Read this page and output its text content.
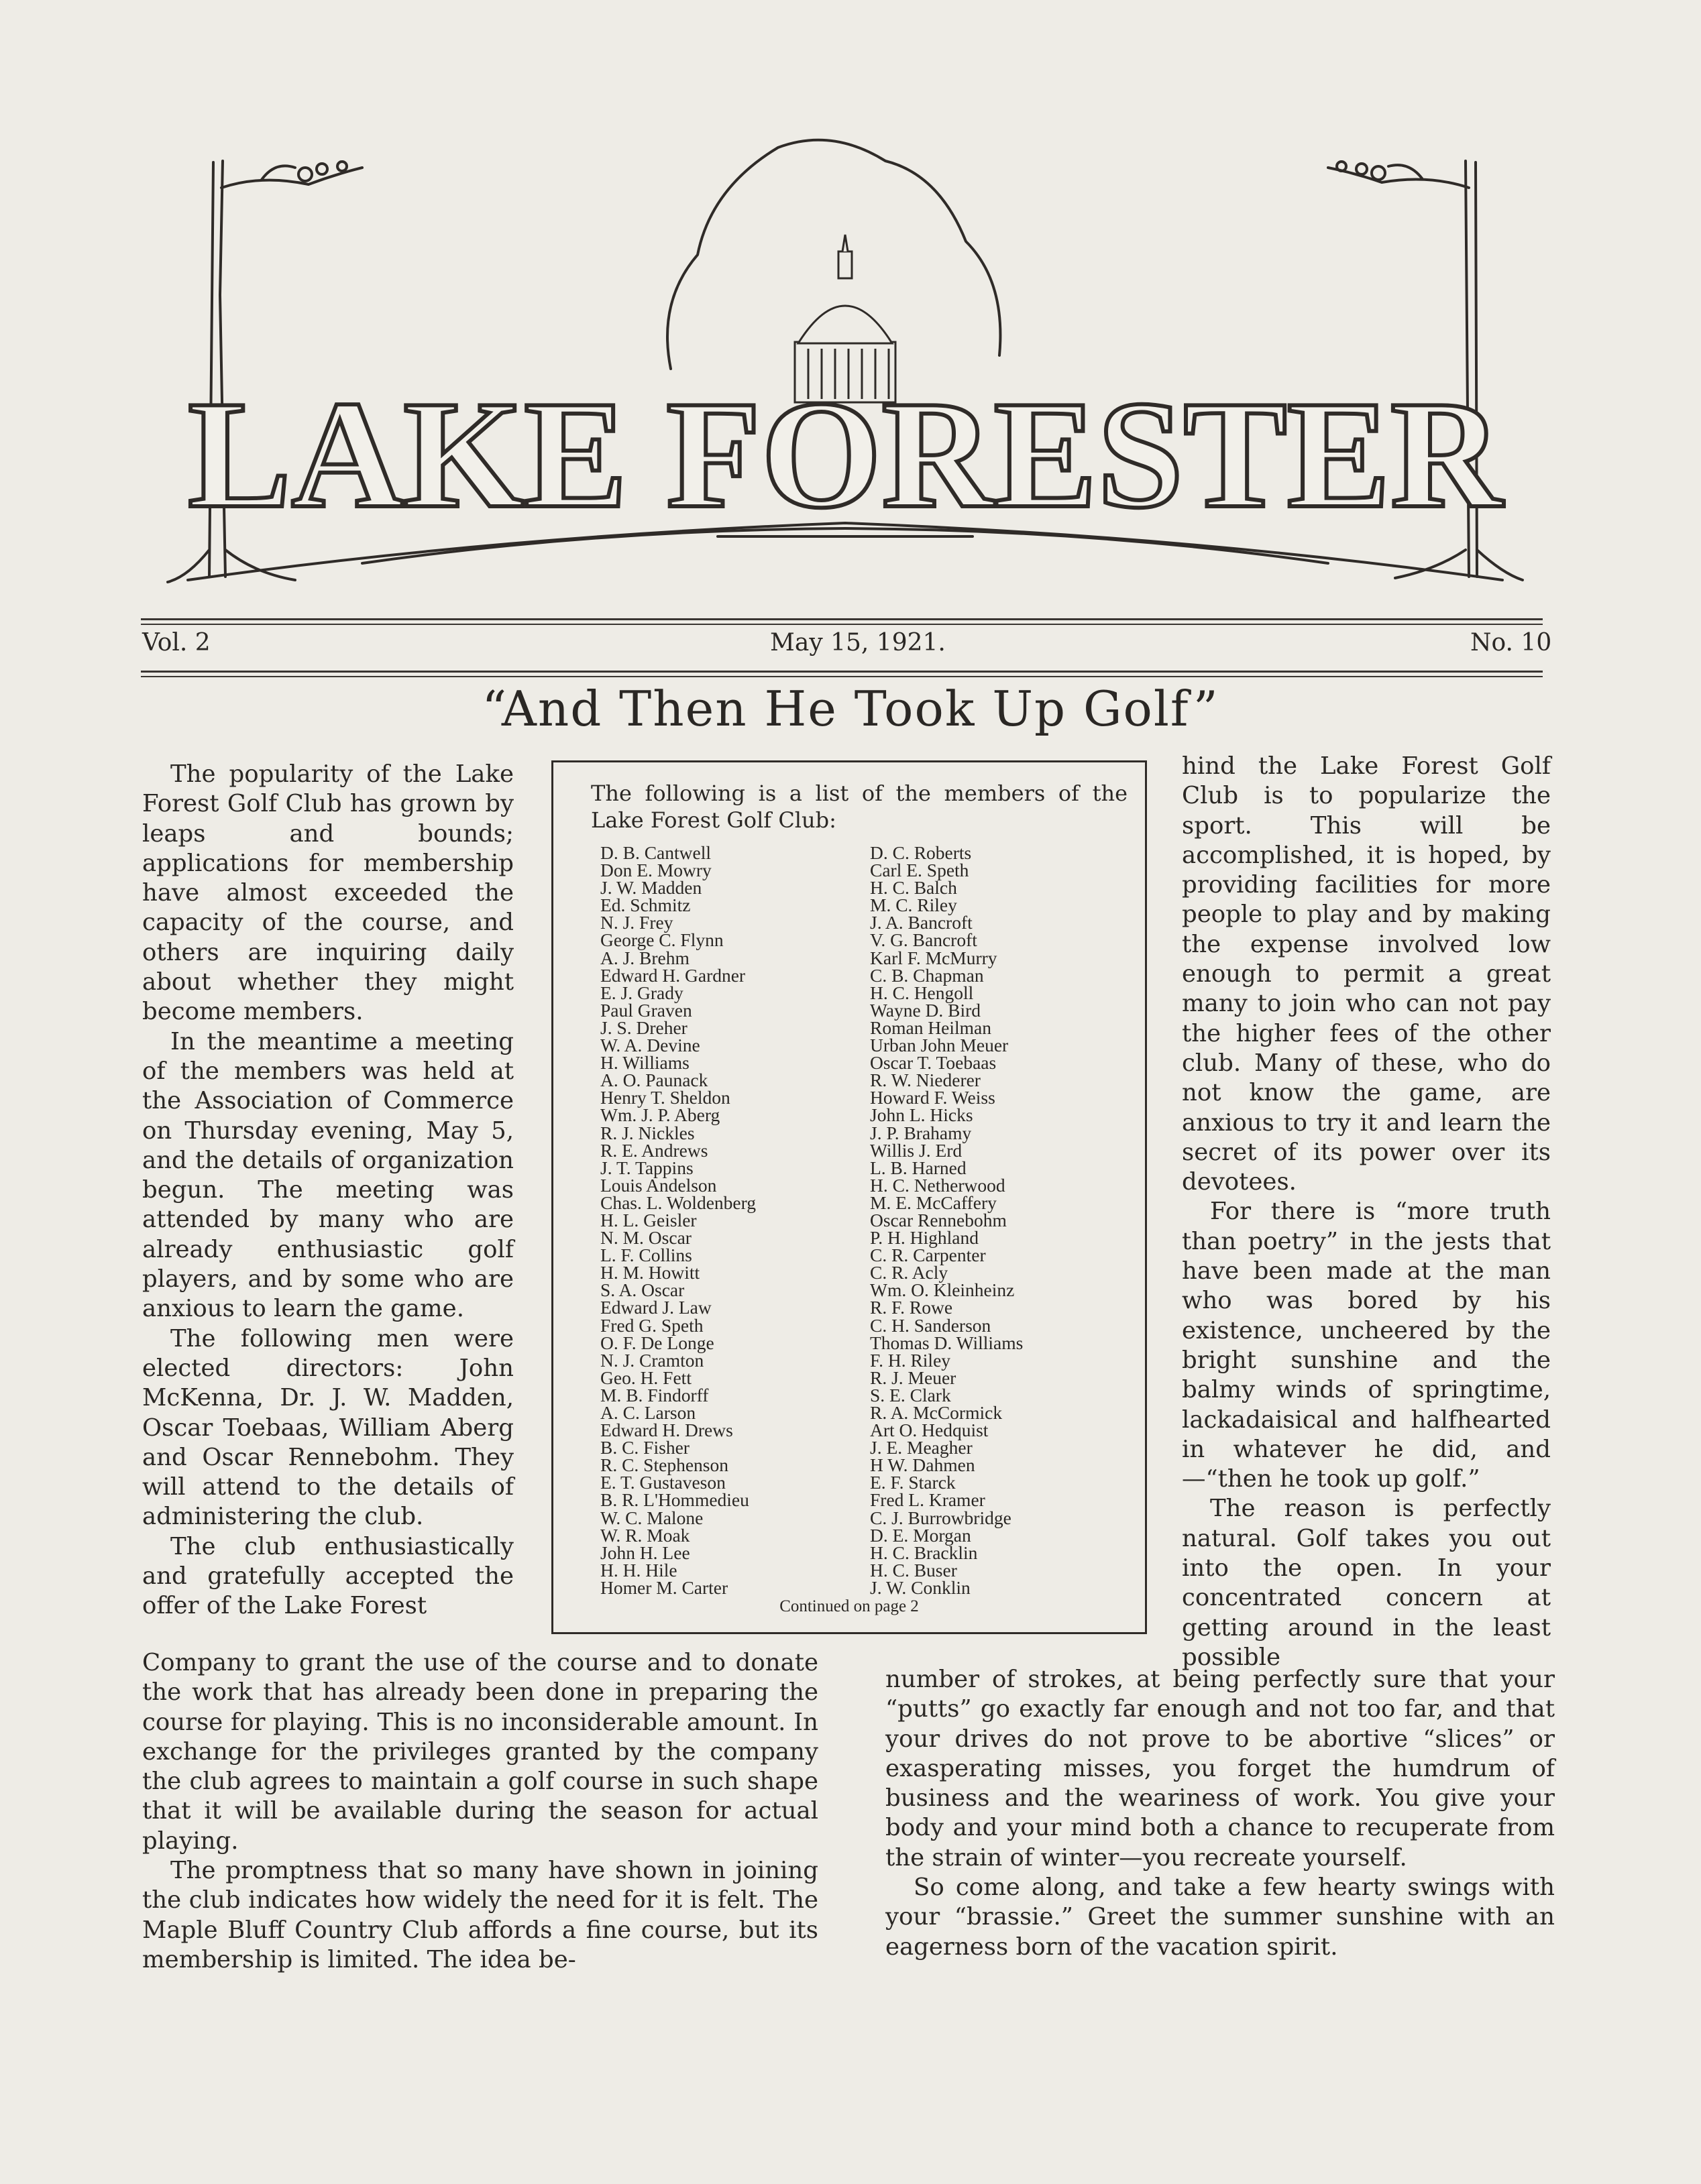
LAKE FORESTER
Vol. 2	May 15, 1921.	No. 10
“And Then He Took Up Golf”

The popularity of the Lake Forest Golf Club has grown by leaps and bounds; applications for membership have almost exceeded the capacity of the course, and others are inquiring daily about whether they might become members.

In the meantime a meeting of the members was held at the Association of Commerce on Thursday evening, May 5, and the details of organization begun. The meeting was attended by many who are already enthusiastic golf players, and by some who are anxious to learn the game.

The following men were elected directors: John McKenna, Dr. J. W. Madden, Oscar Toebaas, William Aberg and Oscar Rennebohm. They will attend to the details of administering the club.

The club enthusiastically and gratefully accepted the offer of the Lake Forest

The following is a list of the members of the Lake Forest Golf Club:
D. B. Cantwell
Don E. Mowry
J. W. Madden
Ed. Schmitz
N. J. Frey
George C. Flynn
A. J. Brehm
Edward H. Gardner
E. J. Grady
Paul Graven
J. S. Dreher
W. A. Devine
H. Williams
A. O. Paunack
Henry T. Sheldon
Wm. J. P. Aberg
R. J. Nickles
R. E. Andrews
J. T. Tappins
Louis Andelson
Chas. L. Woldenberg
H. L. Geisler
N. M. Oscar
L. F. Collins
H. M. Howitt
S. A. Oscar
Edward J. Law
Fred G. Speth
O. F. De Longe
N. J. Cramton
Geo. H. Fett
M. B. Findorff
A. C. Larson
Edward H. Drews
B. C. Fisher
R. C. Stephenson
E. T. Gustaveson
B. R. L'Hommedieu
W. C. Malone
W. R. Moak
John H. Lee
H. H. Hile
Homer M. Carter
D. C. Roberts
Carl E. Speth
H. C. Balch
M. C. Riley
J. A. Bancroft
V. G. Bancroft
Karl F. McMurry
C. B. Chapman
H. C. Hengoll
Wayne D. Bird
Roman Heilman
Urban John Meuer
Oscar T. Toebaas
R. W. Niederer
Howard F. Weiss
John L. Hicks
J. P. Brahamy
Willis J. Erd
L. B. Harned
H. C. Netherwood
M. E. McCaffery
Oscar Rennebohm
P. H. Highland
C. R. Carpenter
C. R. Acly
Wm. O. Kleinheinz
R. F. Rowe
C. H. Sanderson
Thomas D. Williams
F. H. Riley
R. J. Meuer
S. E. Clark
R. A. McCormick
Art O. Hedquist
J. E. Meagher
H W. Dahmen
E. F. Starck
Fred L. Kramer
C. J. Burrowbridge
D. E. Morgan
H. C. Bracklin
H. C. Buser
J. W. Conklin
Continued on page 2

hind the Lake Forest Golf Club is to popularize the sport. This will be accomplished, it is hoped, by providing facilities for more people to play and by making the expense involved low enough to permit a great many to join who can not pay the higher fees of the other club. Many of these, who do not know the game, are anxious to try it and learn the secret of its power over its devotees.

For there is “more truth than poetry” in the jests that have been made at the man who was bored by his existence, uncheered by the bright sunshine and the balmy winds of springtime, lackadaisical and halfhearted in whatever he did, and—“then he took up golf.”

The reason is perfectly natural. Golf takes you out into the open. In your concentrated concern at getting around in the least possible

Company to grant the use of the course and to donate the work that has already been done in preparing the course for playing. This is no inconsiderable amount. In exchange for the privileges granted by the company the club agrees to maintain a golf course in such shape that it will be available during the season for actual playing.

The promptness that so many have shown in joining the club indicates how widely the need for it is felt. The Maple Bluff Country Club affords a fine course, but its membership is limited. The idea be-

number of strokes, at being perfectly sure that your “putts” go exactly far enough and not too far, and that your drives do not prove to be abortive “slices” or exasperating misses, you forget the humdrum of business and the weariness of work. You give your body and your mind both a chance to recuperate from the strain of winter—you recreate yourself.

So come along, and take a few hearty swings with your “brassie.” Greet the summer sunshine with an eagerness born of the vacation spirit.
